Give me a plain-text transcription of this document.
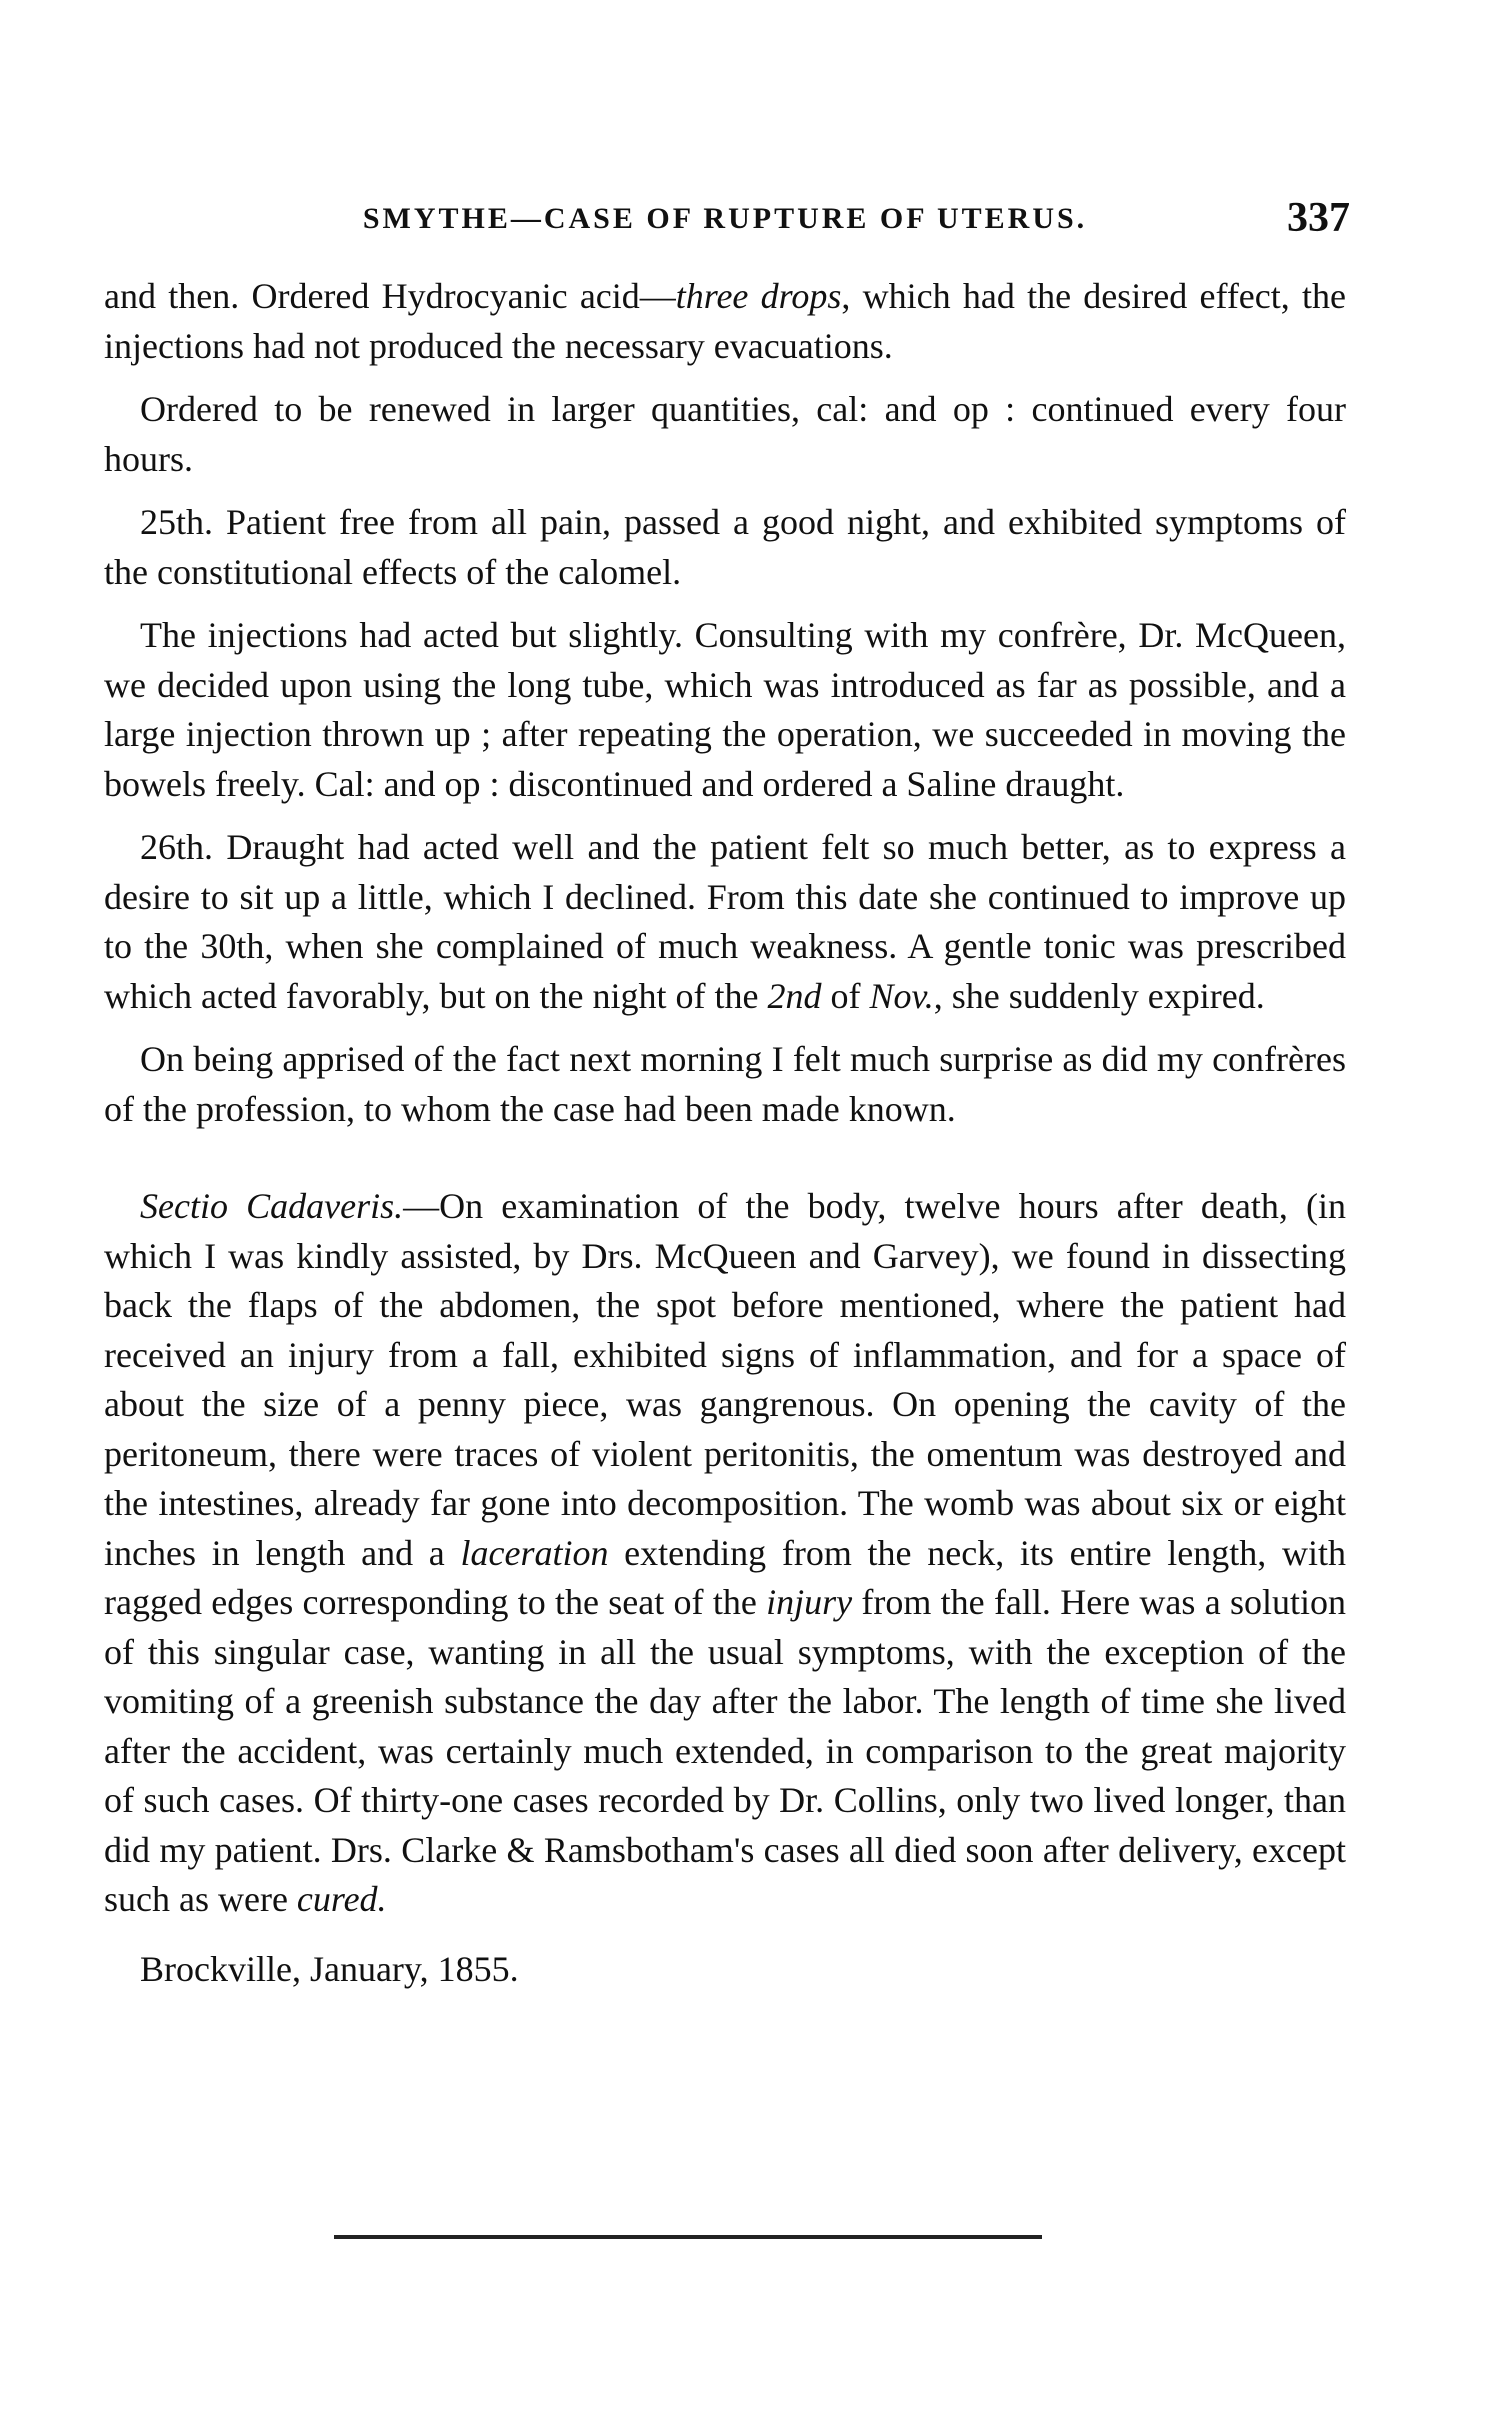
SMYTHE—CASE OF RUPTURE OF UTERUS.	337

and then. Ordered Hydrocyanic acid—three drops, which had the desired effect, the injections had not produced the necessary evacuations.

Ordered to be renewed in larger quantities, cal: and op : continued every four hours.

25th. Patient free from all pain, passed a good night, and exhibited symptoms of the constitutional effects of the calomel.

The injections had acted but slightly. Consulting with my confrère, Dr. McQueen, we decided upon using the long tube, which was introduced as far as possible, and a large injection thrown up ; after repeating the operation, we succeeded in moving the bowels freely. Cal: and op : discontinued and ordered a Saline draught.

26th. Draught had acted well and the patient felt so much better, as to express a desire to sit up a little, which I declined. From this date she continued to improve up to the 30th, when she complained of much weakness. A gentle tonic was prescribed which acted favorably, but on the night of the 2nd of Nov., she suddenly expired.

On being apprised of the fact next morning I felt much surprise as did my confrères of the profession, to whom the case had been made known.

Sectio Cadaveris.—On examination of the body, twelve hours after death, (in which I was kindly assisted, by Drs. McQueen and Garvey), we found in dissecting back the flaps of the abdomen, the spot before mentioned, where the patient had received an injury from a fall, exhibited signs of inflammation, and for a space of about the size of a penny piece, was gangrenous. On opening the cavity of the peritoneum, there were traces of violent peritonitis, the omentum was destroyed and the intestines, already far gone into decomposition. The womb was about six or eight inches in length and a laceration extending from the neck, its entire length, with ragged edges corresponding to the seat of the injury from the fall. Here was a solution of this singular case, wanting in all the usual symptoms, with the exception of the vomiting of a greenish substance the day after the labor. The length of time she lived after the accident, was certainly much extended, in comparison to the great majority of such cases. Of thirty-one cases recorded by Dr. Collins, only two lived longer, than did my patient. Drs. Clarke & Ramsbotham's cases all died soon after delivery, except such as were cured.

Brockville, January, 1855.
